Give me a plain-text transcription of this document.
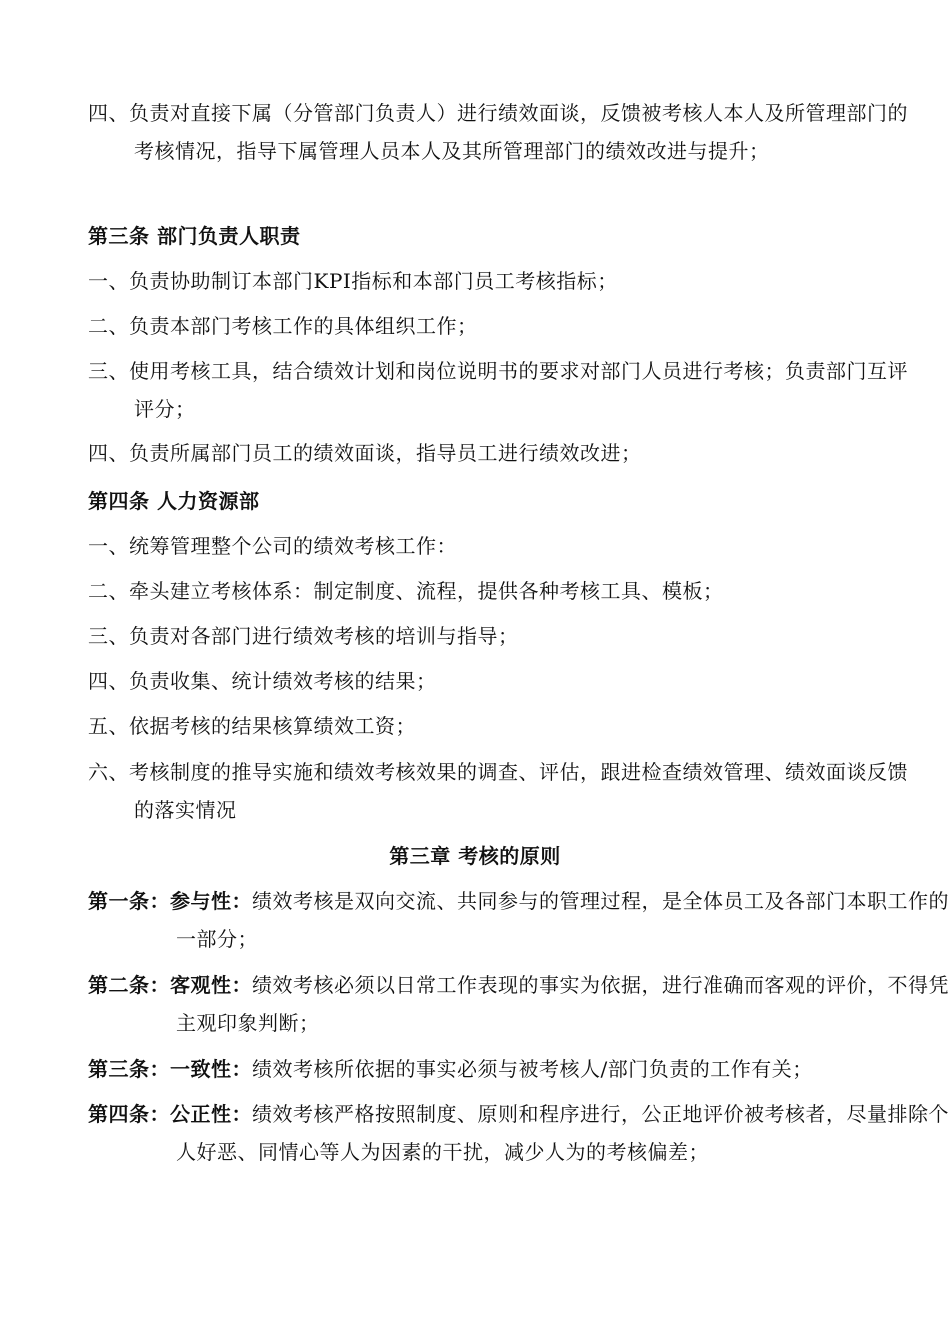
四、负责对直接下属（分管部门负责人）进行绩效面谈，反馈被考核人本人及所管理部门的考核情况，指导下属管理人员本人及其所管理部门的绩效改进与提升；
第三条 部门负责人职责
一、负责协助制订本部门KPI指标和本部门员工考核指标；
二、负责本部门考核工作的具体组织工作；
三、使用考核工具，结合绩效计划和岗位说明书的要求对部门人员进行考核；负责部门互评评分；
四、负责所属部门员工的绩效面谈，指导员工进行绩效改进；
第四条 人力资源部
一、统筹管理整个公司的绩效考核工作：
二、牵头建立考核体系：制定制度、流程，提供各种考核工具、模板；
三、负责对各部门进行绩效考核的培训与指导；
四、负责收集、统计绩效考核的结果；
五、依据考核的结果核算绩效工资；
六、考核制度的推导实施和绩效考核效果的调查、评估，跟进检查绩效管理、绩效面谈反馈的落实情况
第三章 考核的原则
第一条：参与性：绩效考核是双向交流、共同参与的管理过程，是全体员工及各部门本职工作的一部分；
第二条：客观性：绩效考核必须以日常工作表现的事实为依据，进行准确而客观的评价，不得凭主观印象判断；
第三条：一致性：绩效考核所依据的事实必须与被考核人/部门负责的工作有关；
第四条：公正性：绩效考核严格按照制度、原则和程序进行，公正地评价被考核者，尽量排除个人好恶、同情心等人为因素的干扰，减少人为的考核偏差；
